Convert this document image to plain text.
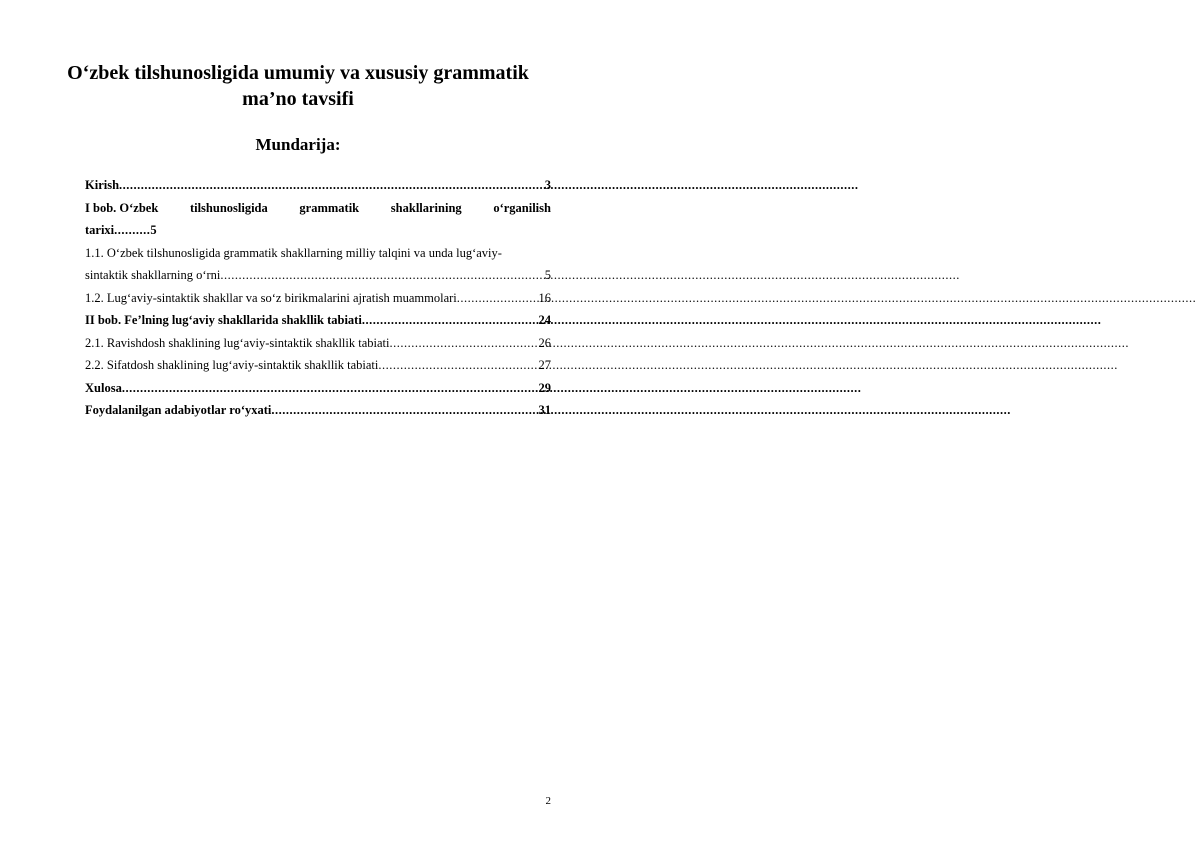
O‘zbek tilshunosligida umumiy va xususiy grammatik ma’no tavsifi
Mundarija:
Kirish .....	3
I bob. O‘zbek	tilshunosligida	grammatik	shakllarining	o‘rganilish
tarixi .......... 5
1.1. O‘zbek tilshunosligida grammatik shakllarning milliy talqini va unda lug‘aviy-
sintaktik shakllarning o‘rni .....	5
1.2. Lug‘aviy-sintaktik shakllar va so‘z birikmalarini ajratish muammolari .....	16
II bob. Fe’lning lug‘aviy shakllarida shakllik tabiati .....	24
2.1. Ravishdosh shaklining lug‘aviy-sintaktik shakllik tabiati .....	26
2.2. Sifatdosh shaklining lug‘aviy-sintaktik shakllik tabiati .....	27
Xulosa .....	29
Foydalanilgan adabiyotlar ro‘yxati .....	31
2
